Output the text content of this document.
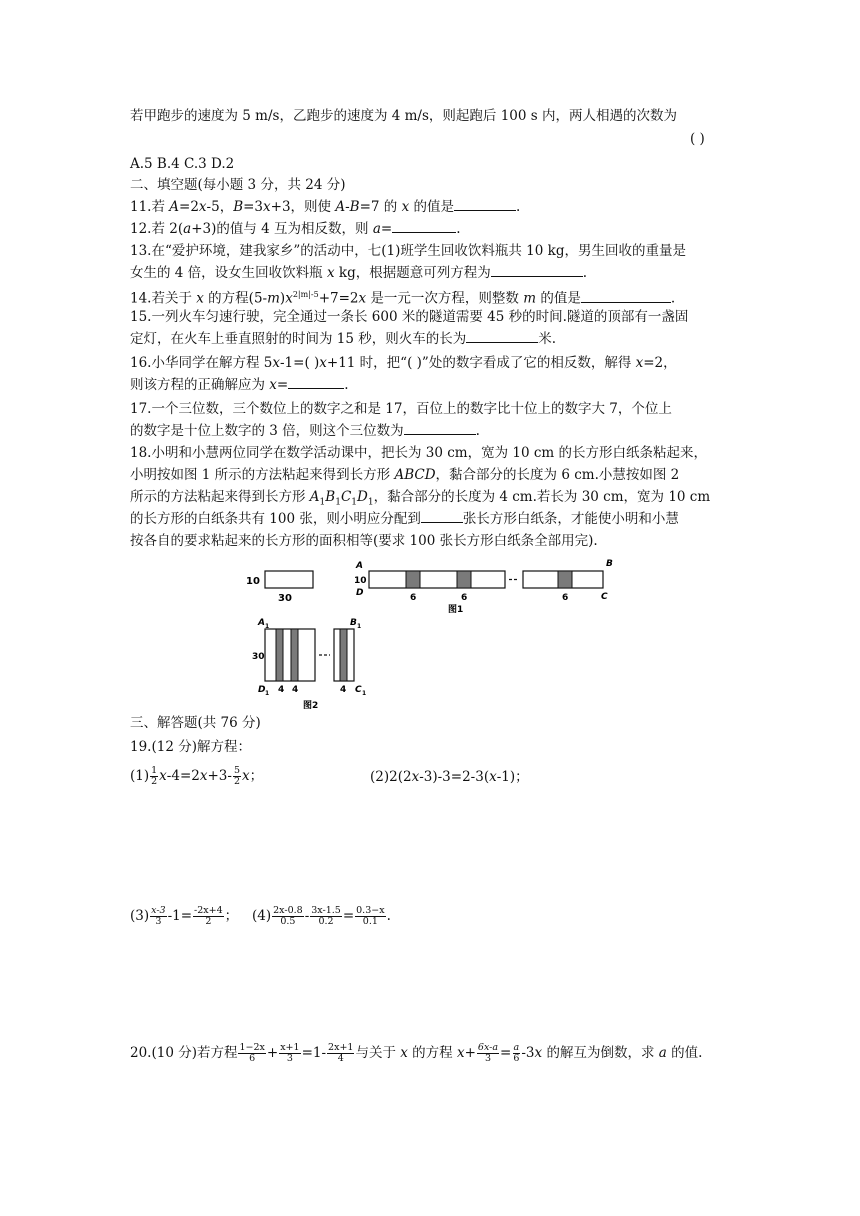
若甲跑步的速度为 5 m/s，乙跑步的速度为 4 m/s，则起跑后 100 s 内，两人相遇的次数为
( )
A.5 B.4 C.3 D.2
二、填空题(每小题 3 分，共 24 分)
11.若 A=2x-5，B=3x+3，则使 A-B=7 的 x 的值是	.
12.若 2(a+3)的值与 4 互为相反数，则 a=	.
13.在“爱护环境，建我家乡”的活动中，七(1)班学生回收饮料瓶共 10 kg，男生回收的重量是
女生的 4 倍，设女生回收饮料瓶 x kg，根据题意可列方程为	.
14.若关于 x 的方程$(5-m)x^{2|m|-5}+7=2x$ 是一元一次方程，则整数 m 的值是	.
15.一列火车匀速行驶，完全通过一条长 600 米的隧道需要 45 秒的时间.隧道的顶部有一盏固
定灯，在火车上垂直照射的时间为 15 秒，则火车的长为	米.
16.小华同学在解方程 5x-1=( )x+11 时，把“( )”处的数字看成了它的相反数，解得 x=2，
则该方程的正确解应为 x=	.
17.一个三位数，三个数位上的数字之和是 17，百位上的数字比十位上的数字大 7，个位上
的数字是十位上数字的 3 倍，则这个三位数为	.
18.小明和小慧两位同学在数学活动课中，把长为 30 cm，宽为 10 cm 的长方形白纸条粘起来，
小明按如图 1 所示的方法粘起来得到长方形 ABCD，黏合部分的长度为 6 cm.小慧按如图 2
所示的方法粘起来得到长方形 $A_1B_1C_1D_1$，黏合部分的长度为 4 cm.若长为 30 cm，宽为 10 cm
的长方形的白纸条共有 100 张，则小明应分配到	张长方形白纸条，才能使小明和小慧
按各自的要求粘起来的长方形的面积相等(要求 100 张长方形白纸条全部用完).
10
30
A
D
10
B
C
6	6	6
图1
A 1	B 1
D 1	C 1
30
4 4	4
图2
三、解答题(共 76 分)
19.(12 分)解方程：
$(1) \frac{1}{2} x-4=2x+3- \frac{5}{2}$ x；	(2)2(2x-3)-3=2-3(x-1)；
$(3) \frac{x-3}{3} -1= \frac{-2x+4}{2}$ ； $(4) \frac{2x-0.8}{0.5} - \frac{3x-1.5}{0.2} = \frac{0.3-x}{0.1}$ .
20.(10 分)若方程 $\frac{1-2x}{6} + \frac{x+1}{3} =1- \frac{2x+1}{4}$ 与关于 x 的方程 $x+ \frac{6x-a}{3} = \frac{a}{6} -3x$ 的解互为倒数，求 a 的值.
